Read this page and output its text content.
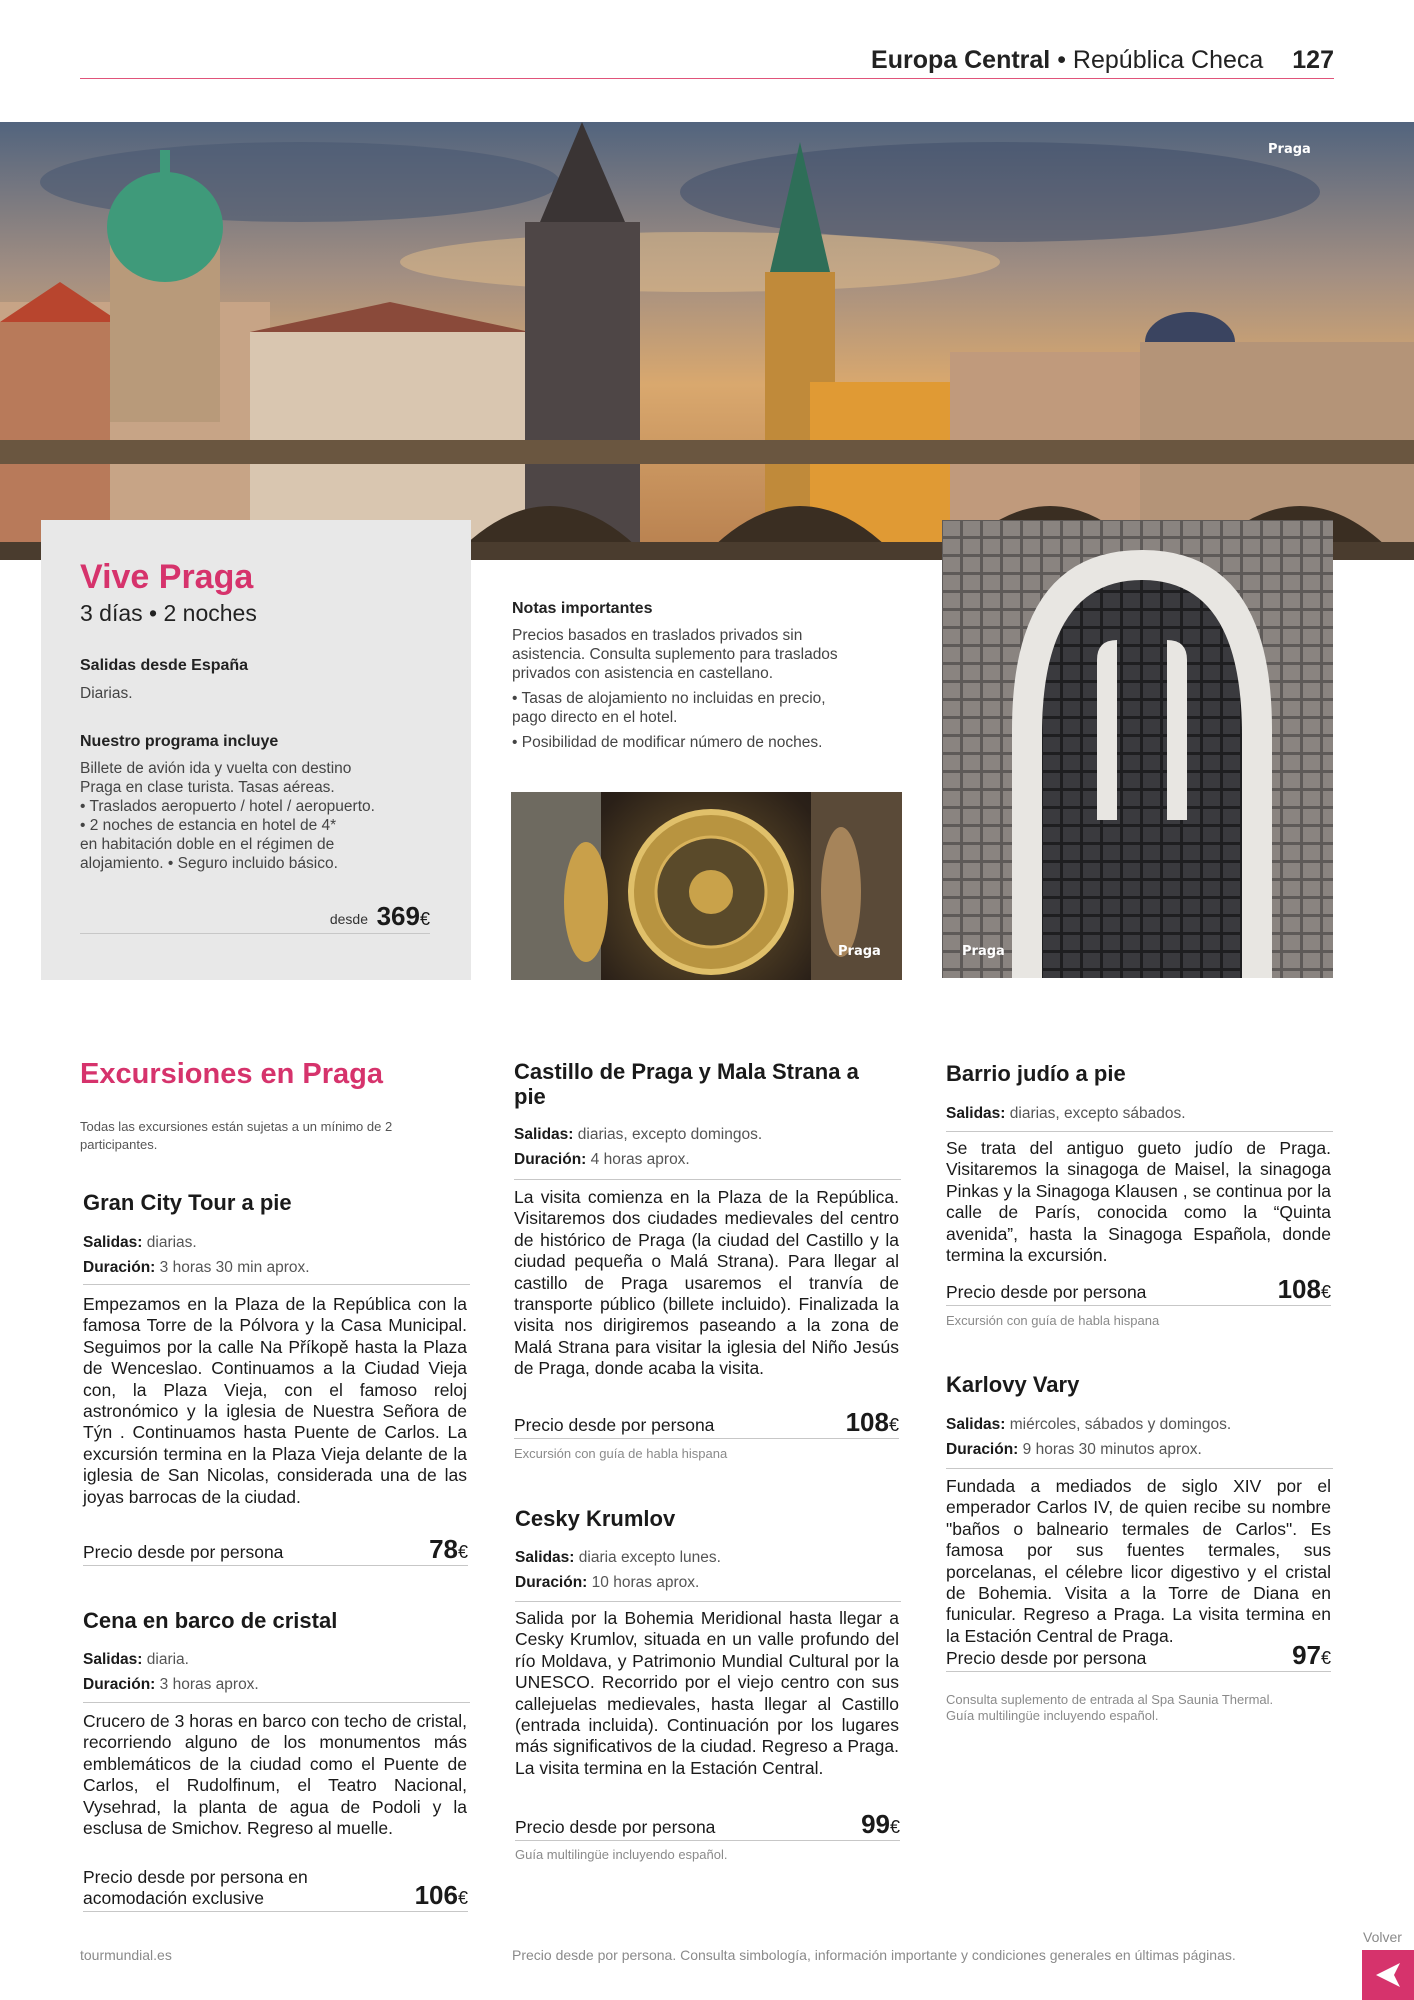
Europa Central • República Checa 127
Praga
Vive Praga
3 días • 2 noches
Salidas desde España
Diarias.
Nuestro programa incluye
Billete de avión ida y vuelta con destino
Praga en clase turista. Tasas aéreas.
• Traslados aeropuerto / hotel / aeropuerto.
• 2 noches de estancia en hotel de 4*
en habitación doble en el régimen de
alojamiento. • Seguro incluido básico.
desde 369€
Notas importantes
Precios basados en traslados privados sin
asistencia. Consulta suplemento para traslados
privados con asistencia en castellano.
• Tasas de alojamiento no incluidas en precio,
pago directo en el hotel.
• Posibilidad de modificar número de noches.
Praga	Praga
Excursiones en Praga
Todas las excursiones están sujetas a un mínimo de 2 participantes.
Gran City Tour a pie
Salidas: diarias.
Duración: 3 horas 30 min aprox.
Empezamos en la Plaza de la República con la famosa Torre de la Pólvora y la Casa Municipal. Seguimos por la calle Na Příkopě hasta la Plaza de Wenceslao. Continuamos a la Ciudad Vieja con, la Plaza Vieja, con el famoso reloj astronómico y la iglesia de Nuestra Señora de Týn . Continuamos hasta Puente de Carlos. La excursión termina en la Plaza Vieja delante de la iglesia de San Nicolas, considerada una de las joyas barrocas de la ciudad.
Precio desde por persona	78€
Cena en barco de cristal
Salidas: diaria.
Duración: 3 horas aprox.
Crucero de 3 horas en barco con techo de cristal, recorriendo alguno de los monumentos más emblemáticos de la ciudad como el Puente de Carlos, el Rudolfinum, el Teatro Nacional, Vysehrad, la planta de agua de Podoli y la esclusa de Smichov. Regreso al muelle.
Precio desde por persona en acomodación exclusive	106€
Castillo de Praga y Mala Strana a pie
Salidas: diarias, excepto domingos.
Duración: 4 horas aprox.
La visita comienza en la Plaza de la República. Visitaremos dos ciudades medievales del centro de histórico de Praga (la ciudad del Castillo y la ciudad pequeña o Malá Strana). Para llegar al castillo de Praga usaremos el tranvía de transporte público (billete incluido). Finalizada la visita nos dirigiremos paseando a la zona de Malá Strana para visitar la iglesia del Niño Jesús de Praga, donde acaba la visita.
Precio desde por persona	108€
Excursión con guía de habla hispana
Cesky Krumlov
Salidas: diaria excepto lunes.
Duración: 10 horas aprox.
Salida por la Bohemia Meridional hasta llegar a Cesky Krumlov, situada en un valle profundo del río Moldava, y Patrimonio Mundial Cultural por la UNESCO. Recorrido por el viejo centro con sus callejuelas medievales, hasta llegar al Castillo (entrada incluida). Continuación por los lugares más significativos de la ciudad. Regreso a Praga. La visita termina en la Estación Central.
Precio desde por persona	99€
Guía multilingüe incluyendo español.
Barrio judío a pie
Salidas: diarias, excepto sábados.
Se trata del antiguo gueto judío de Praga. Visitaremos la sinagoga de Maisel, la sinagoga Pinkas y la Sinagoga Klausen , se continua por la calle de París, conocida como la “Quinta avenida”, hasta la Sinagoga Española, donde termina la excursión.
Precio desde por persona	108€
Excursión con guía de habla hispana
Karlovy Vary
Salidas: miércoles, sábados y domingos.
Duración: 9 horas 30 minutos aprox.
Fundada a mediados de siglo XIV por el emperador Carlos IV, de quien recibe su nombre "baños o balneario termales de Carlos". Es famosa por sus fuentes termales, sus porcelanas, el célebre licor digestivo y el cristal de Bohemia. Visita a la Torre de Diana en funicular. Regreso a Praga. La visita termina en la Estación Central de Praga.
Precio desde por persona	97€
Consulta suplemento de entrada al Spa Saunia Thermal. Guía multilingüe incluyendo español.
tourmundial.es	Precio desde por persona. Consulta simbología, información importante y condiciones generales en últimas páginas.
Volver
